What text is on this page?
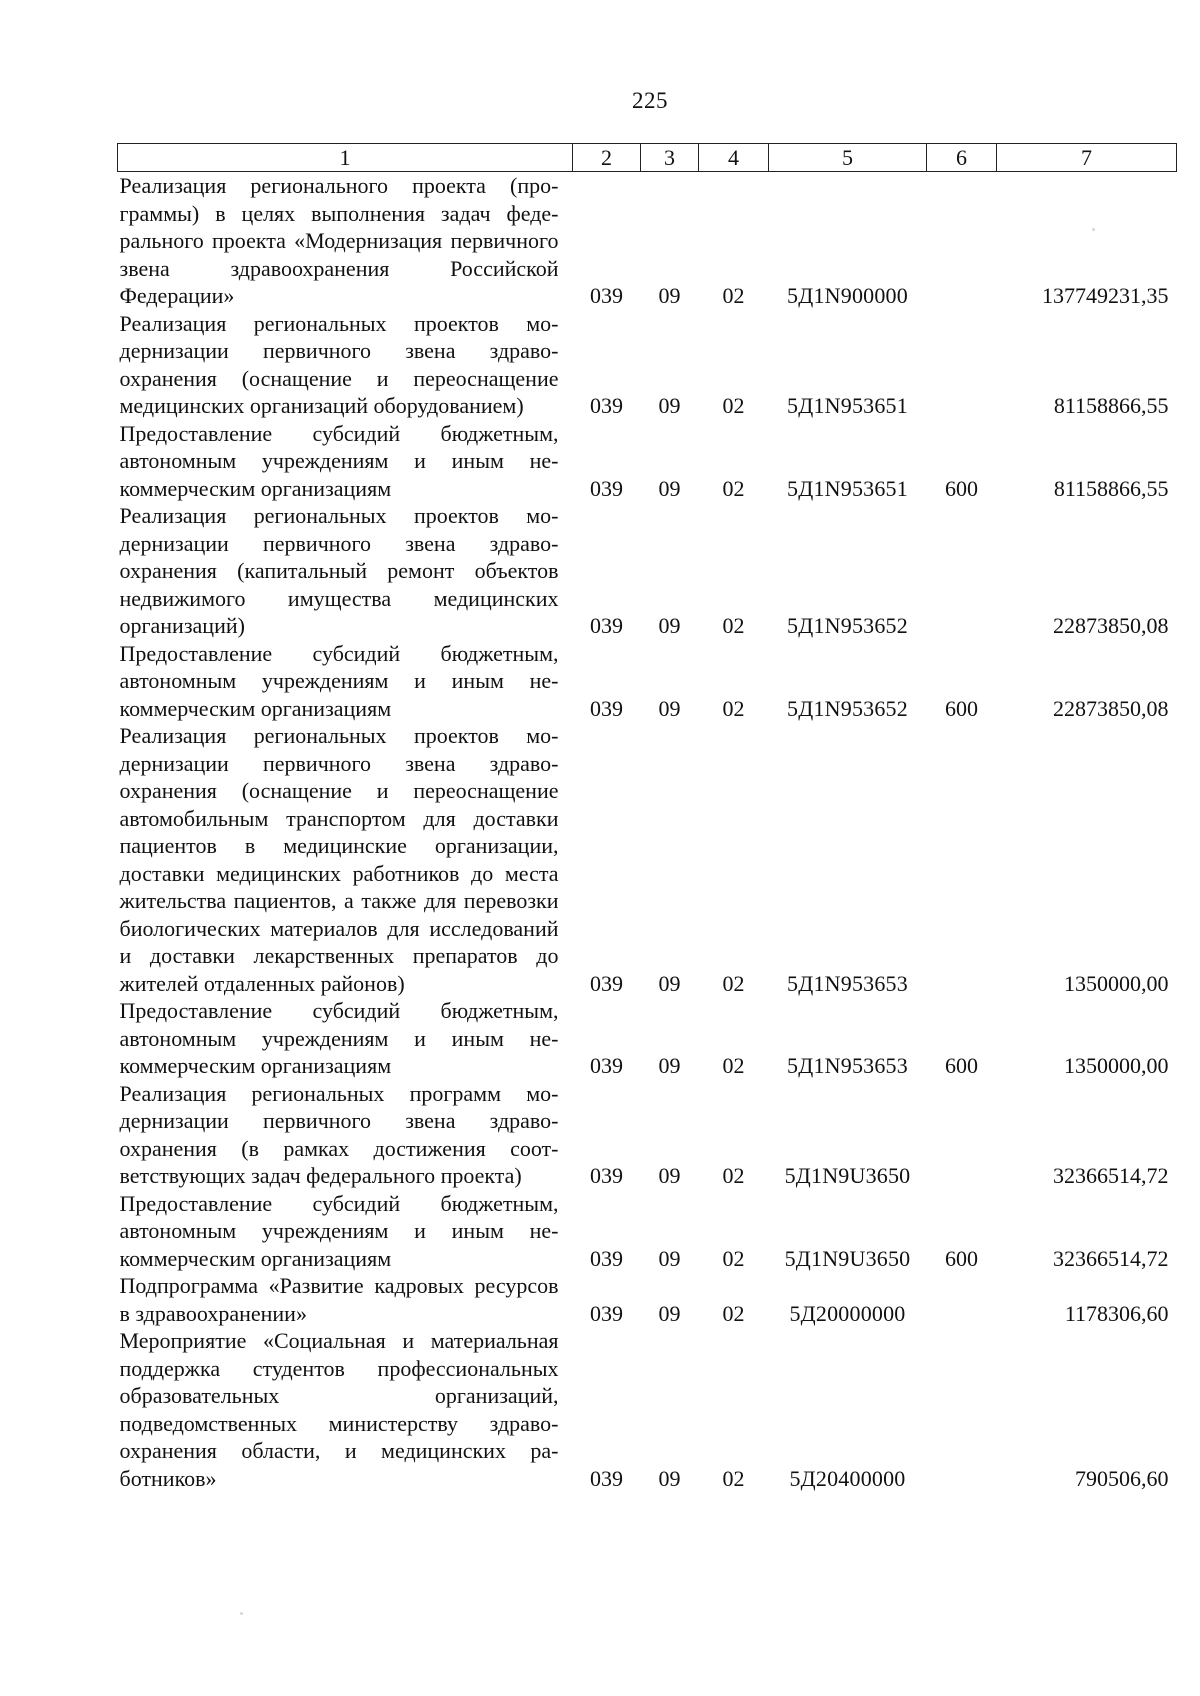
225
1	2	3	4	5	6	7
Реализация регионального проекта (программы) в целях выполнения задач федерального проекта «Модернизация первичного звена здравоохранения Российской Федерации»	039	09	02	5Д1N900000		137749231,35
Реализация региональных проектов модернизации первичного звена здравоохранения (оснащение и переоснащение медицинских организаций оборудованием)	039	09	02	5Д1N953651		81158866,55
Предоставление субсидий бюджетным, автономным учреждениям и иным некоммерческим организациям	039	09	02	5Д1N953651	600	81158866,55
Реализация региональных проектов модернизации первичного звена здравоохранения (капитальный ремонт объектов недвижимого имущества медицинских организаций)	039	09	02	5Д1N953652		22873850,08
Предоставление субсидий бюджетным, автономным учреждениям и иным некоммерческим организациям	039	09	02	5Д1N953652	600	22873850,08
Реализация региональных проектов модернизации первичного звена здравоохранения (оснащение и переоснащение автомобильным транспортом для доставки пациентов в медицинские организации, доставки медицинских работников до места жительства пациентов, а также для перевозки биологических материалов для исследований и доставки лекарственных препаратов до жителей отдаленных районов)	039	09	02	5Д1N953653		1350000,00
Предоставление субсидий бюджетным, автономным учреждениям и иным некоммерческим организациям	039	09	02	5Д1N953653	600	1350000,00
Реализация региональных программ модернизации первичного звена здравоохранения (в рамках достижения соответствующих задач федерального проекта)	039	09	02	5Д1N9U3650		32366514,72
Предоставление субсидий бюджетным, автономным учреждениям и иным некоммерческим организациям	039	09	02	5Д1N9U3650	600	32366514,72
Подпрограмма «Развитие кадровых ресурсов в здравоохранении»	039	09	02	5Д20000000		1178306,60
Мероприятие «Социальная и материальная поддержка студентов профессиональных образовательных организаций, подведомственных министерству здравоохранения области, и медицинских работников»	039	09	02	5Д20400000		790506,60
